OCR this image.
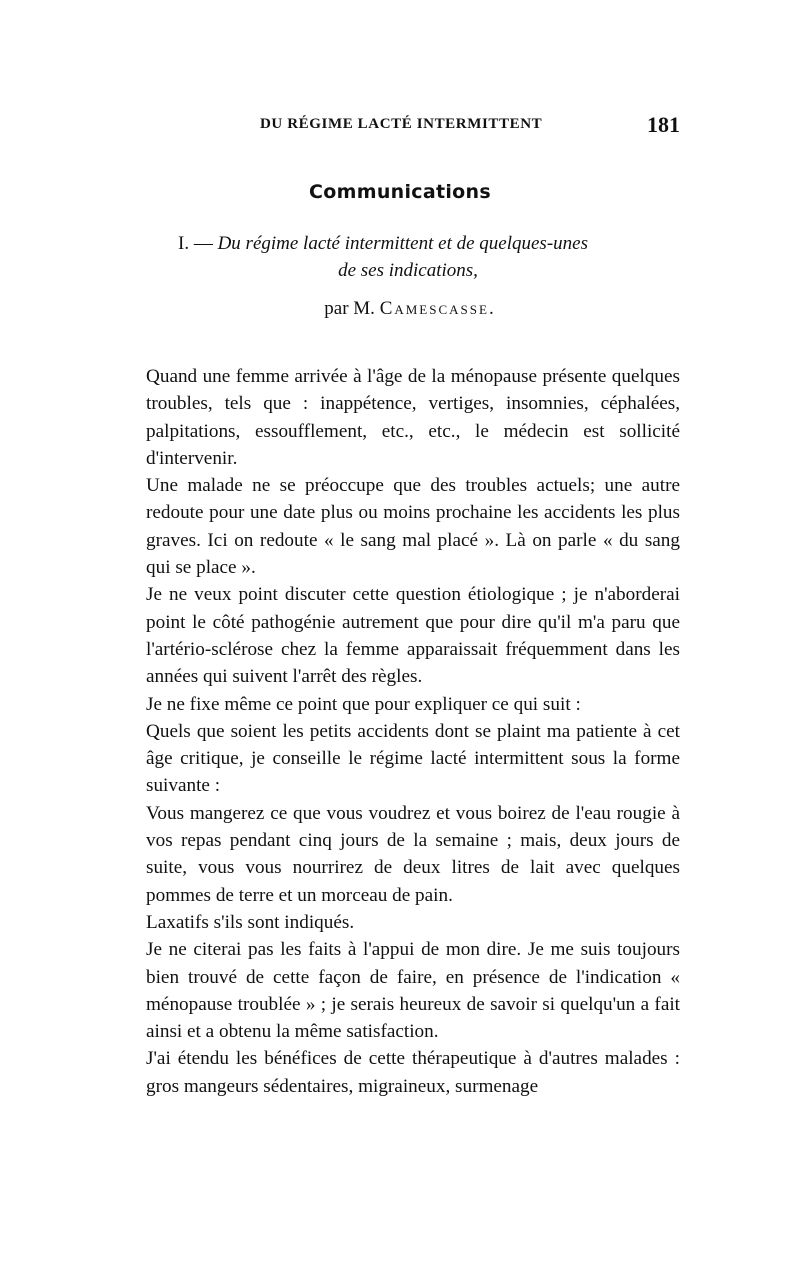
DU RÉGIME LACTÉ INTERMITTENT	181
Communications
I. — Du régime lacté intermittent et de quelques-unes
de ses indications,
par M. Camescasse.

Quand une femme arrivée à l'âge de la ménopause présente quelques troubles, tels que : inappétence, vertiges, insomnies, céphalées, palpitations, essoufflement, etc., etc., le médecin est sollicité d'intervenir.

Une malade ne se préoccupe que des troubles actuels; une autre redoute pour une date plus ou moins prochaine les accidents les plus graves. Ici on redoute « le sang mal placé ». Là on parle « du sang qui se place ».

Je ne veux point discuter cette question étiologique ; je n'aborderai point le côté pathogénie autrement que pour dire qu'il m'a paru que l'artério-sclérose chez la femme apparaissait fréquemment dans les années qui suivent l'arrêt des règles.

Je ne fixe même ce point que pour expliquer ce qui suit :

Quels que soient les petits accidents dont se plaint ma patiente à cet âge critique, je conseille le régime lacté intermittent sous la forme suivante :

Vous mangerez ce que vous voudrez et vous boirez de l'eau rougie à vos repas pendant cinq jours de la semaine ; mais, deux jours de suite, vous vous nourrirez de deux litres de lait avec quelques pommes de terre et un morceau de pain.

Laxatifs s'ils sont indiqués.

Je ne citerai pas les faits à l'appui de mon dire. Je me suis toujours bien trouvé de cette façon de faire, en présence de l'indication « ménopause troublée » ; je serais heureux de savoir si quelqu'un a fait ainsi et a obtenu la même satisfaction.

J'ai étendu les bénéfices de cette thérapeutique à d'autres malades : gros mangeurs sédentaires, migraineux, surmenage
